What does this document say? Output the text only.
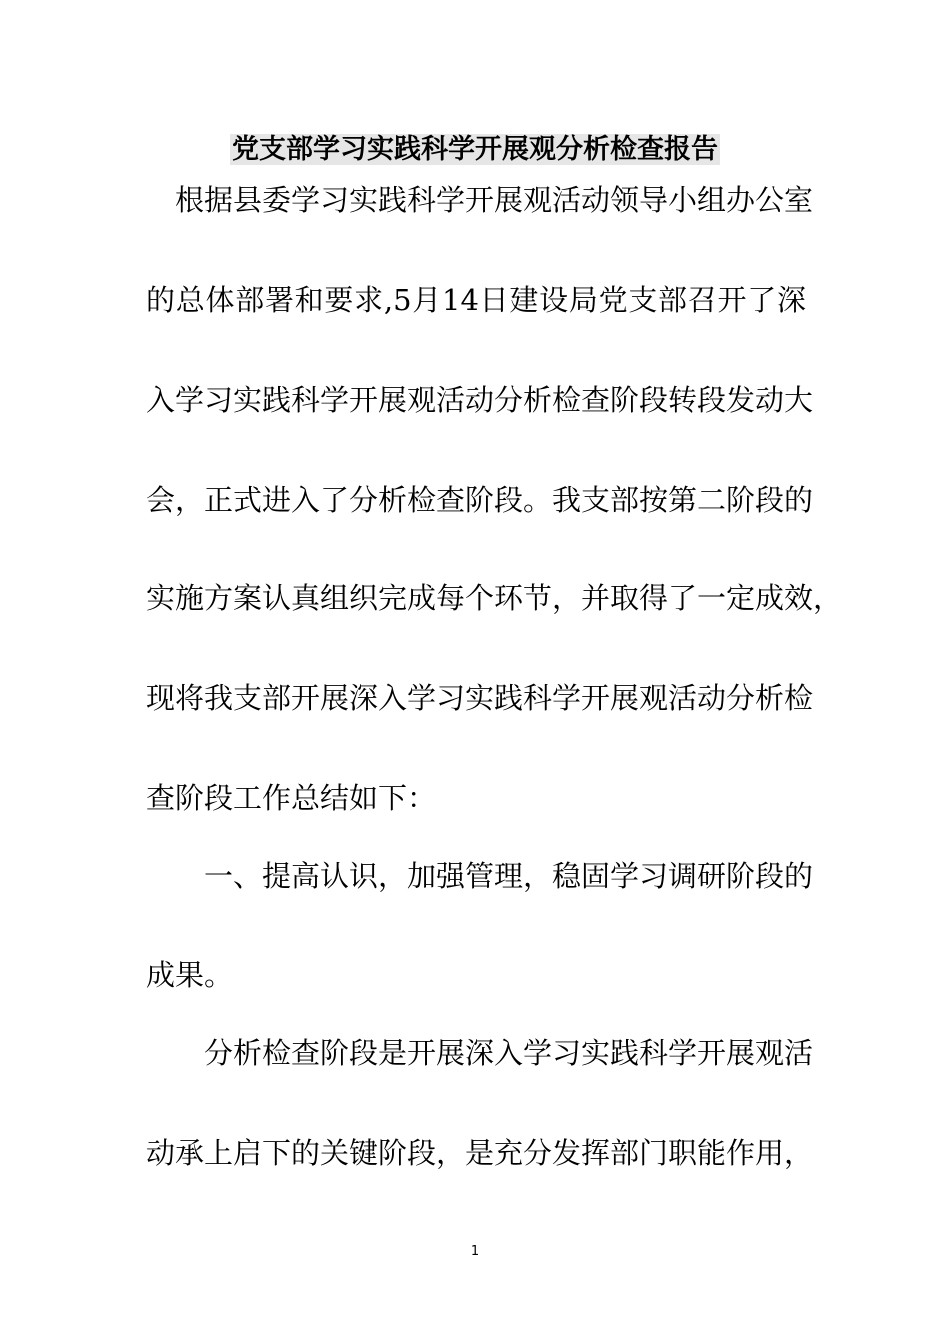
党支部学习实践科学开展观分析检查报告

根据县委学习实践科学开展观活动领导小组办公室

的总体部署和要求,5月14日建设局党支部召开了深

入学习实践科学开展观活动分析检查阶段转段发动大

会，正式进入了分析检查阶段。我支部按第二阶段的

实施方案认真组织完成每个环节，并取得了一定成效，

现将我支部开展深入学习实践科学开展观活动分析检

查阶段工作总结如下：

一、提高认识，加强管理，稳固学习调研阶段的

成果。

分析检查阶段是开展深入学习实践科学开展观活

动承上启下的关键阶段，是充分发挥部门职能作用，

1
